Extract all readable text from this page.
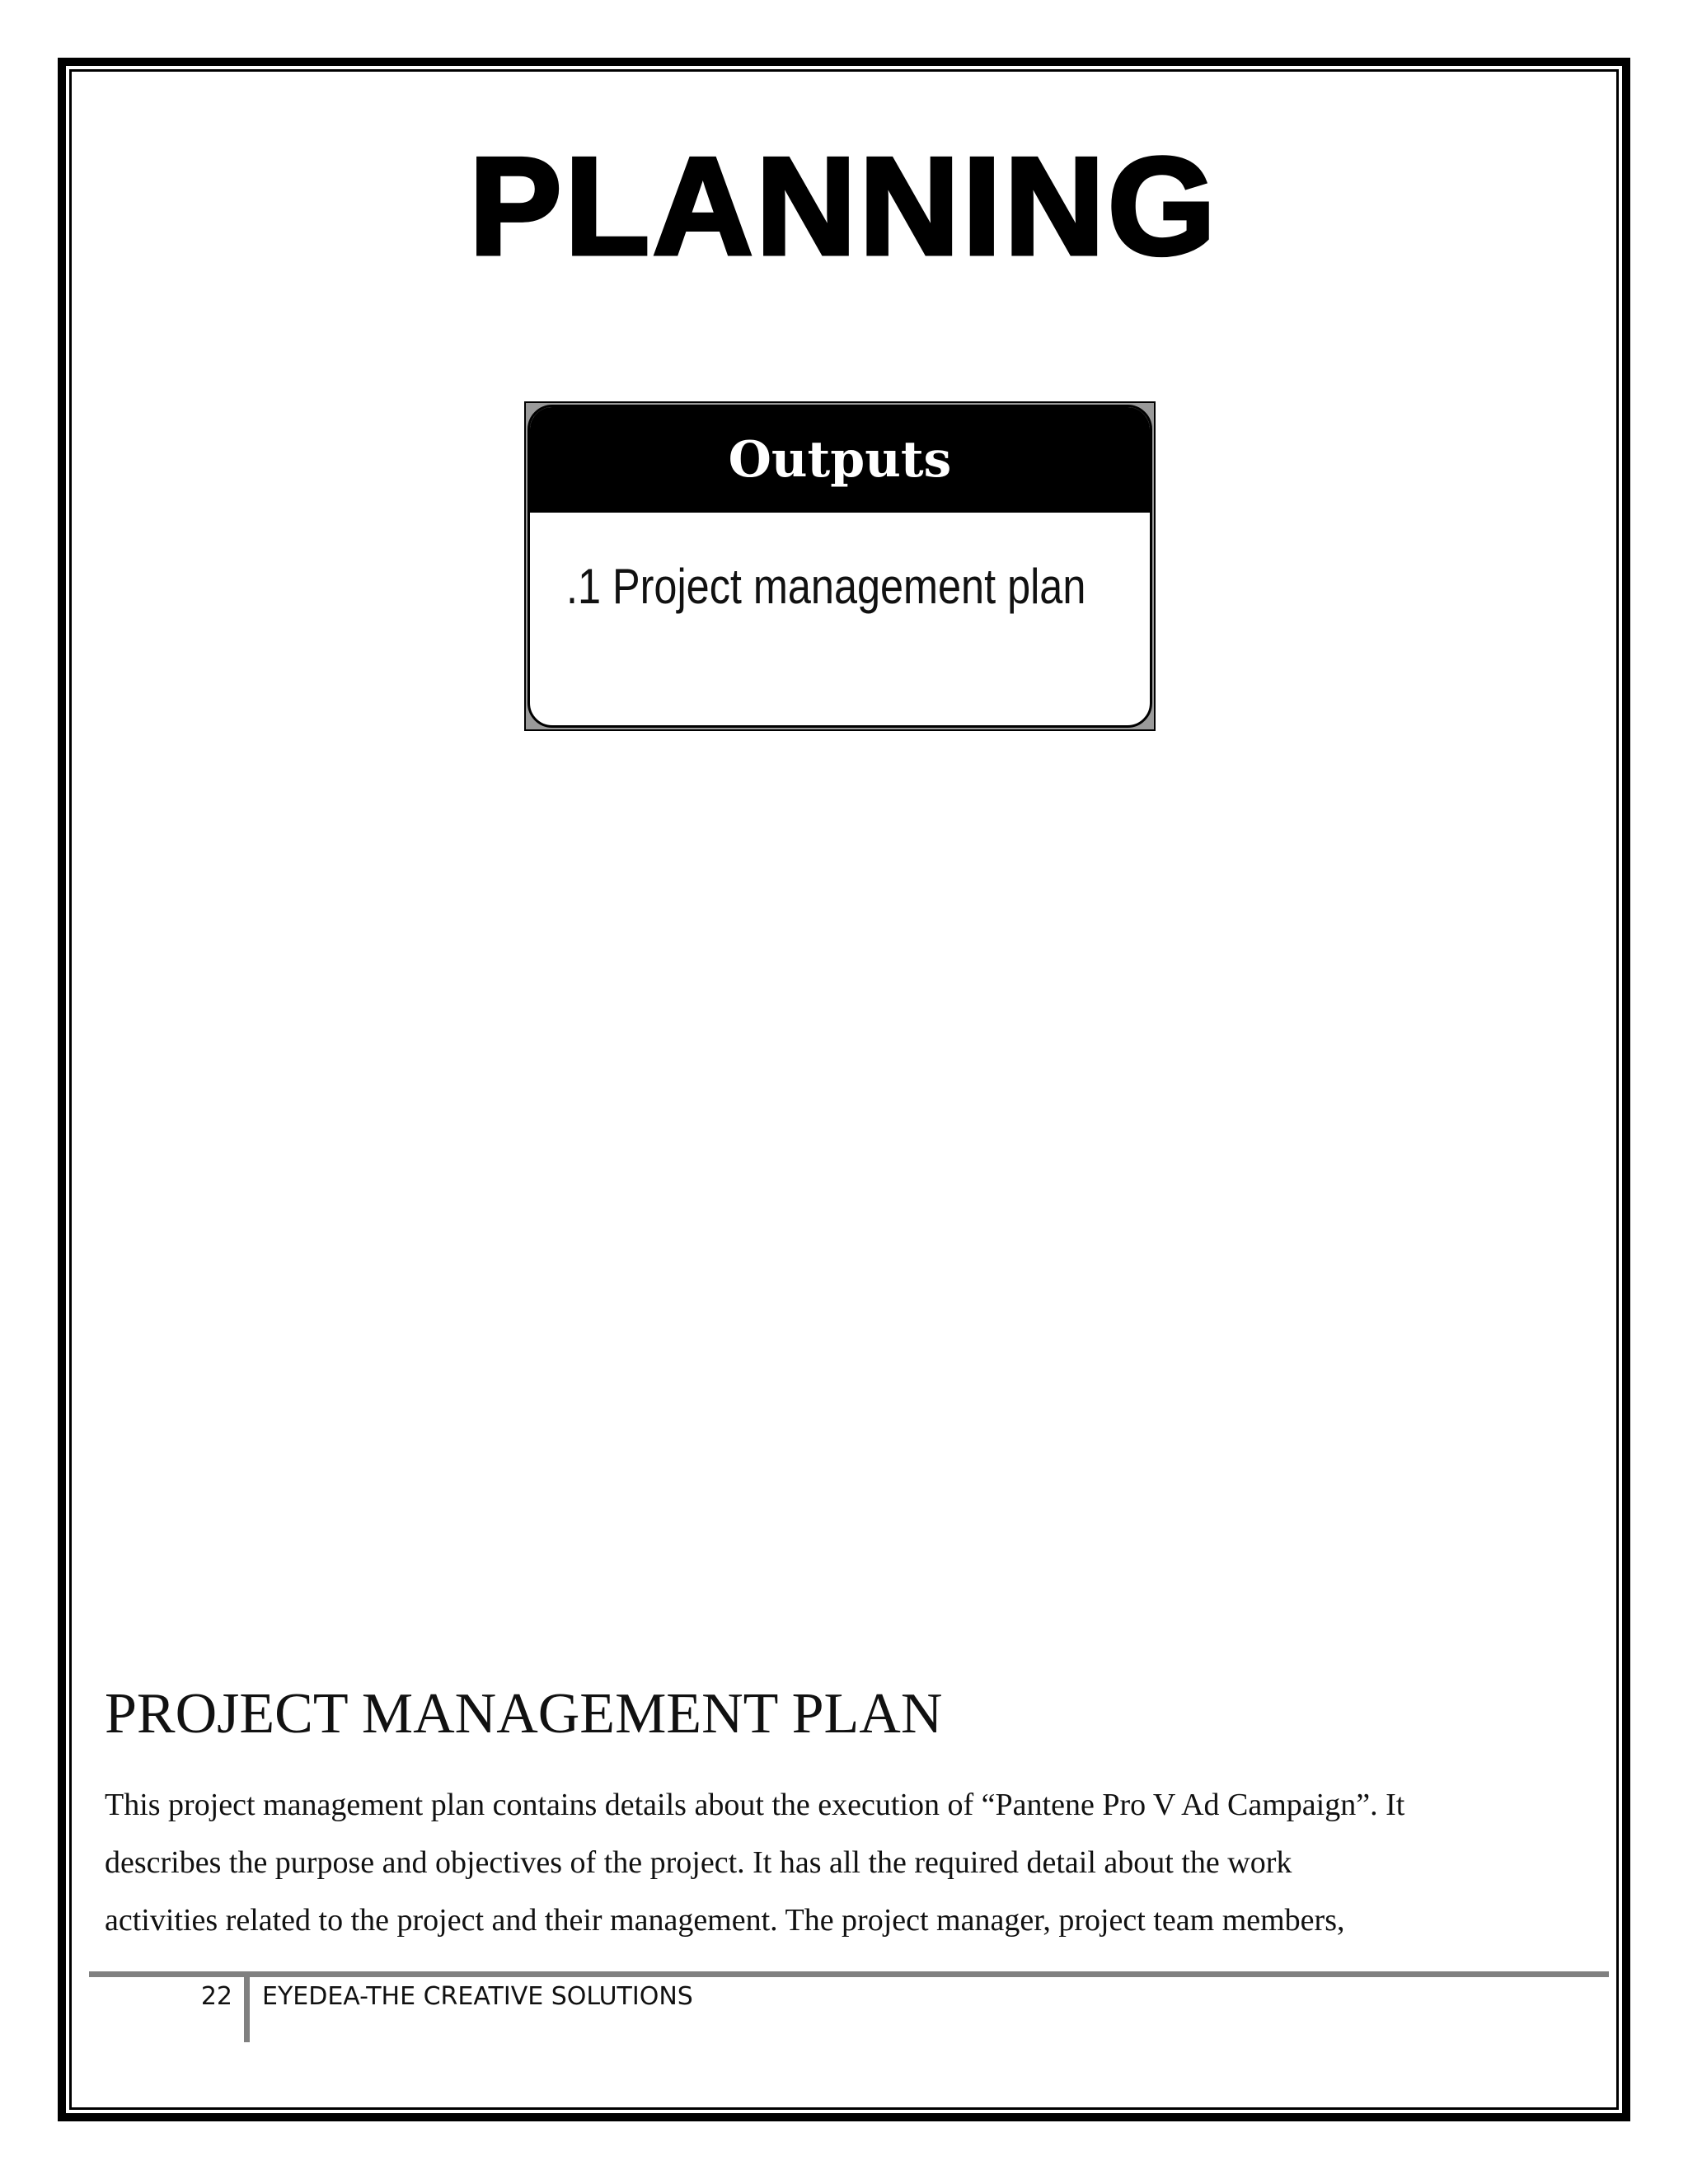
PLANNING
Outputs
.1 Project management plan
PROJECT MANAGEMENT PLAN
This project management plan contains details about the execution of “Pantene Pro V Ad Campaign”. It
describes the purpose and objectives of the project. It has all the required detail about the work
activities related to the project and their management. The project manager, project team members,
22 EYEDEA-THE CREATIVE SOLUTIONS
